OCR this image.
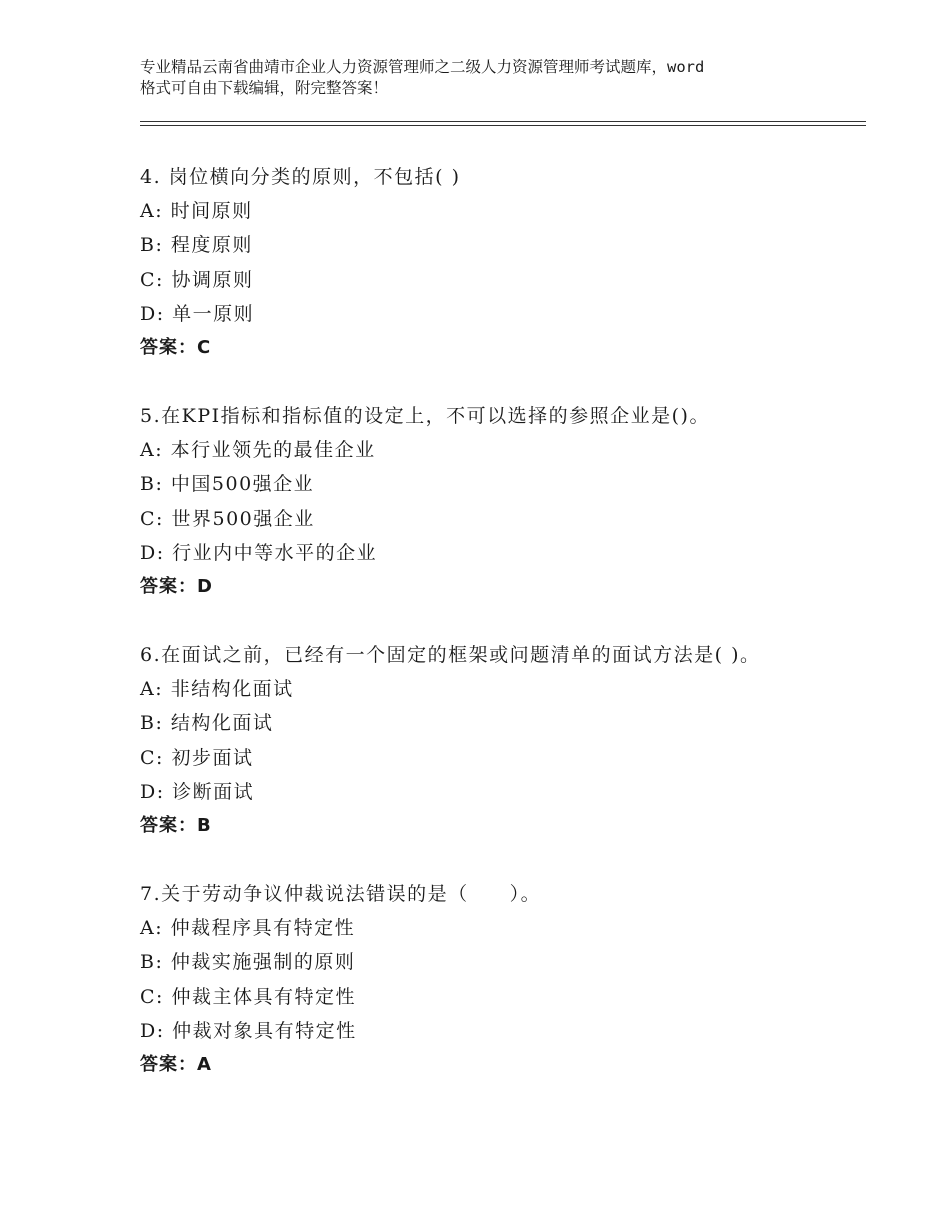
专业精品云南省曲靖市企业人力资源管理师之二级人力资源管理师考试题库，word
格式可自由下载编辑，附完整答案！
4. 岗位横向分类的原则，不包括( )
A: 时间原则
B: 程度原则
C: 协调原则
D: 单一原则
答案：C
5.在KPI指标和指标值的设定上，不可以选择的参照企业是()。
A: 本行业领先的最佳企业
B: 中国500强企业
C: 世界500强企业
D: 行业内中等水平的企业
答案：D
6.在面试之前，已经有一个固定的框架或问题清单的面试方法是( )。
A: 非结构化面试
B: 结构化面试
C: 初步面试
D: 诊断面试
答案：B
7.关于劳动争议仲裁说法错误的是（　　）。
A: 仲裁程序具有特定性
B: 仲裁实施强制的原则
C: 仲裁主体具有特定性
D: 仲裁对象具有特定性
答案：A
